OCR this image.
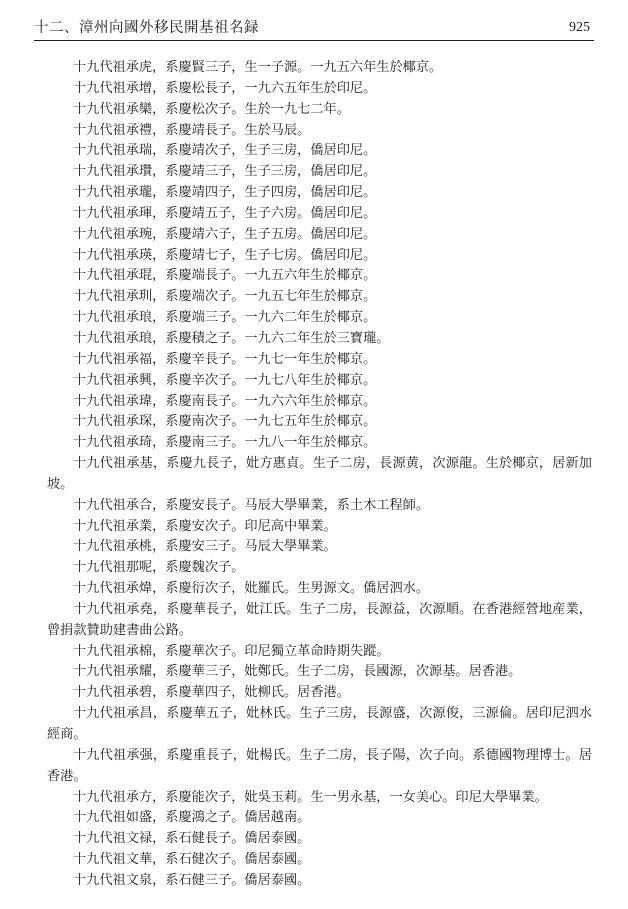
十二、漳州向國外移民開基祖名録	925

十九代祖承虎，系慶賢三子，生一子源。一九五六年生於椰京。

十九代祖承增，系慶松長子，一九六五年生於印尼。

十九代祖承欒，系慶松次子。生於一九七二年。

十九代祖承禮，系慶靖長子。生於马辰。

十九代祖承瑞，系慶靖次子，生子三房，僑居印尼。

十九代祖承瓚，系慶靖三子，生子三房，僑居印尼。

十九代祖承瓏，系慶靖四子，生子四房，僑居印尼。

十九代祖承琿，系慶靖五子，生子六房。僑居印尼。

十九代祖承琬，系慶靖六子，生子五房。僑居印尼。

十九代祖承瑛，系慶靖七子，生子七房。僑居印尼。

十九代祖承琨，系慶端長子。一九五六年生於椰京。

十九代祖承玔，系慶端次子。一九五七年生於椰京。

十九代祖承琅，系慶端三子。一九六二年生於椰京。

十九代祖承琅，系慶積之子。一九六二年生於三寶瓏。

十九代祖承福，系慶辛長子。一九七一年生於椰京。

十九代祖承興，系慶辛次子。一九七八年生於椰京。

十九代祖承瑋，系慶南長子。一九六六年生於椰京。

十九代祖承琛，系慶南次子。一九七五年生於椰京。

十九代祖承琦，系慶南三子。一九八一年生於椰京。

十九代祖承基，系慶九長子，妣方惠貞。生子二房，長源黄，次源龍。生於椰京，居新加坡。

十九代祖承合，系慶安長子。马辰大學畢業，系土木工程師。

十九代祖承業，系慶安次子。印尼高中畢業。

十九代祖承桃，系慶安三子。马辰大學畢業。

十九代祖那呢，系慶魏次子。

十九代祖承煒，系慶衍次子，妣羅氏。生男源文。僑居泗水。

十九代祖承堯，系慶華長子，妣江氏。生子二房，長源益，次源順。在香港經營地産業，曾捐款贊助建書曲公路。

十九代祖承棉，系慶華次子。印尼獨立革命時期失蹤。

十九代祖承耀，系慶華三子，妣鄭氏。生子二房，長國源，次源基。居香港。

十九代祖承碧，系慶華四子，妣柳氏。居香港。

十九代祖承昌，系慶華五子，妣林氏。生子三房，長源盛，次源俊，三源倫。居印尼泗水經商。

十九代祖承强，系慶重長子，妣楊氏。生子二房，長子陽，次子向。系德國物理博士。居香港。

十九代祖承方，系慶能次子，妣吳玉莉。生一男永基，一女美心。印尼大學畢業。

十九代祖如盛，系慶鴻之子。僑居越南。

十九代祖文禄，系石健長子。僑居泰國。

十九代祖文華，系石健次子。僑居泰國。

十九代祖文泉，系石健三子。僑居泰國。
